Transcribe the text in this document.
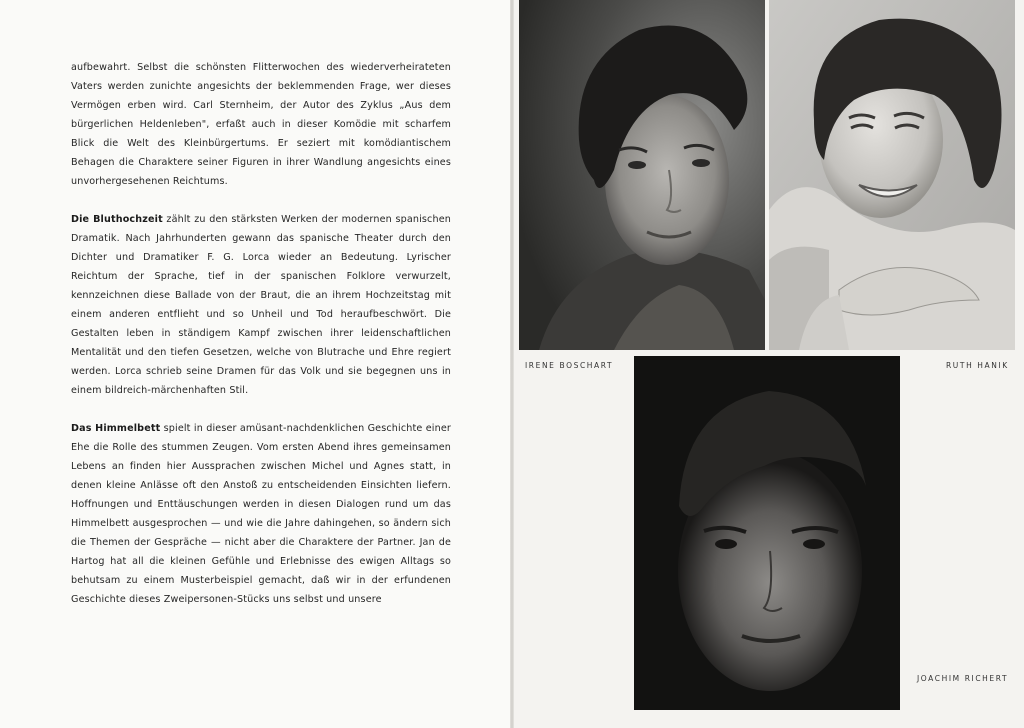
aufbewahrt. Selbst die schönsten Flitterwochen des wiederverheirateten Vaters werden zunichte angesichts der beklemmenden Frage, wer dieses Vermögen erben wird. Carl Sternheim, der Autor des Zyklus „Aus dem bürgerlichen Heldenleben", erfaßt auch in dieser Komödie mit scharfem Blick die Welt des Kleinbürgertums. Er seziert mit komödiantischem Behagen die Charaktere seiner Figuren in ihrer Wandlung angesichts eines unvorhergesehenen Reichtums.

Die Bluthochzeit zählt zu den stärksten Werken der modernen spanischen Dramatik. Nach Jahrhunderten gewann das spanische Theater durch den Dichter und Dramatiker F. G. Lorca wieder an Bedeutung. Lyrischer Reichtum der Sprache, tief in der spanischen Folklore verwurzelt, kennzeichnen diese Ballade von der Braut, die an ihrem Hochzeitstag mit einem anderen entflieht und so Unheil und Tod heraufbeschwört. Die Gestalten leben in ständigem Kampf zwischen ihrer leidenschaftlichen Mentalität und den tiefen Gesetzen, welche von Blutrache und Ehre regiert werden. Lorca schrieb seine Dramen für das Volk und sie begegnen uns in einem bildreich-märchenhaften Stil.

Das Himmelbett spielt in dieser amüsant-nachdenklichen Geschichte einer Ehe die Rolle des stummen Zeugen. Vom ersten Abend ihres gemeinsamen Lebens an finden hier Aussprachen zwischen Michel und Agnes statt, in denen kleine Anlässe oft den Anstoß zu entscheidenden Einsichten liefern. Hoffnungen und Enttäuschungen werden in diesen Dialogen rund um das Himmelbett ausgesprochen — und wie die Jahre dahingehen, so ändern sich die Themen der Gespräche — nicht aber die Charaktere der Partner. Jan de Hartog hat all die kleinen Gefühle und Erlebnisse des ewigen Alltags so behutsam zu einem Musterbeispiel gemacht, daß wir in der erfundenen Geschichte dieses Zweipersonen-Stücks uns selbst und unsere

IRENE BOSCHART	RUTH HANIK
JOACHIM RICHERT
